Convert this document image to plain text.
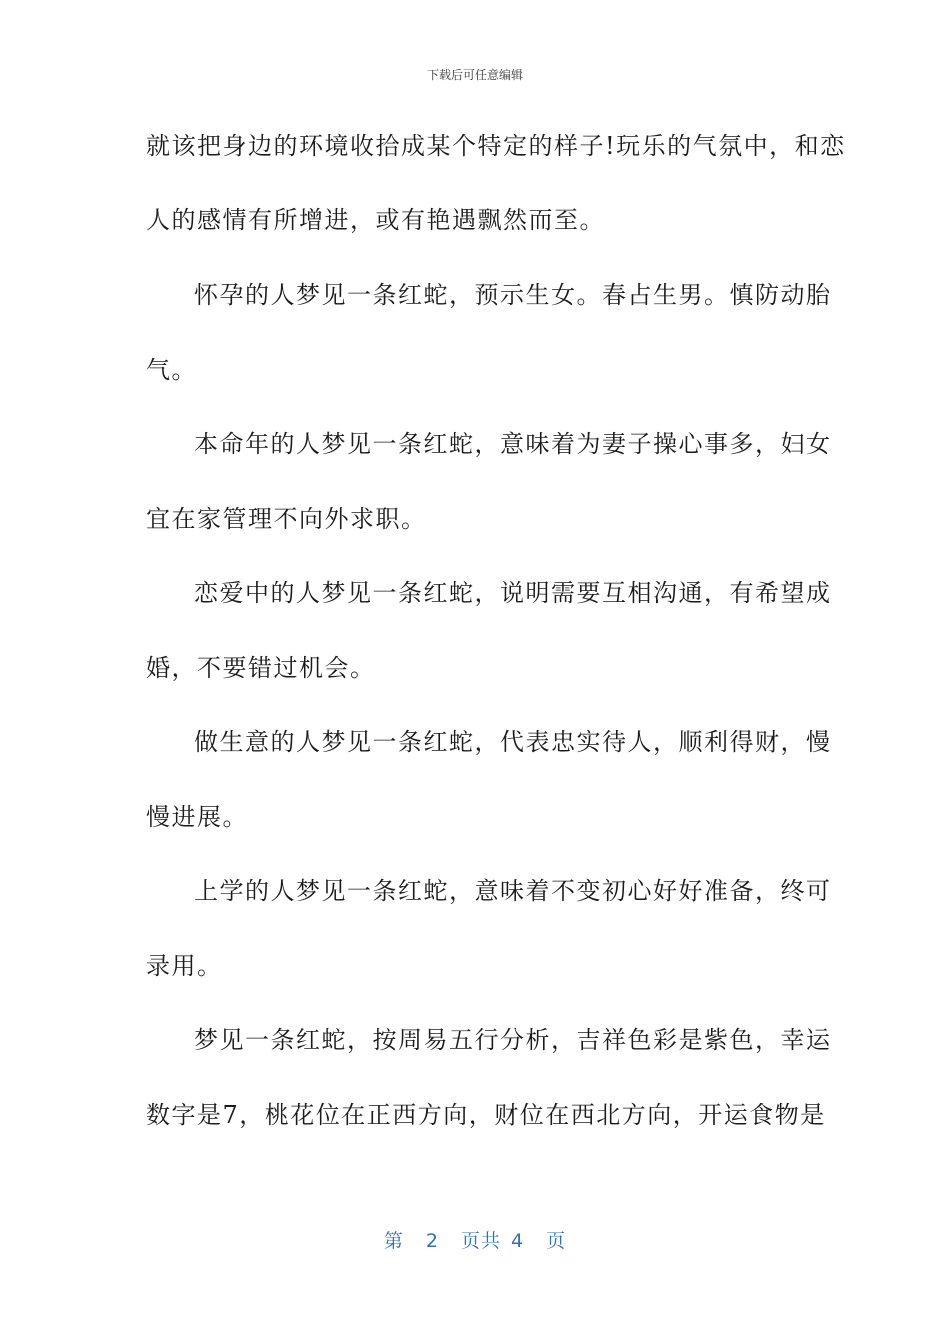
下载后可任意编辑
就该把身边的环境收拾成某个特定的样子!玩乐的气氛中，和恋
人的感情有所增进，或有艳遇飘然而至。
怀孕的人梦见一条红蛇，预示生女。春占生男。慎防动胎
气。
本命年的人梦见一条红蛇，意味着为妻子操心事多，妇女
宜在家管理不向外求职。
恋爱中的人梦见一条红蛇，说明需要互相沟通，有希望成
婚，不要错过机会。
做生意的人梦见一条红蛇，代表忠实待人，顺利得财，慢
慢进展。
上学的人梦见一条红蛇，意味着不变初心好好准备，终可
录用。
梦见一条红蛇，按周易五行分析，吉祥色彩是紫色，幸运
数字是7，桃花位在正西方向，财位在西北方向，开运食物是
第 2 页共 4 页
